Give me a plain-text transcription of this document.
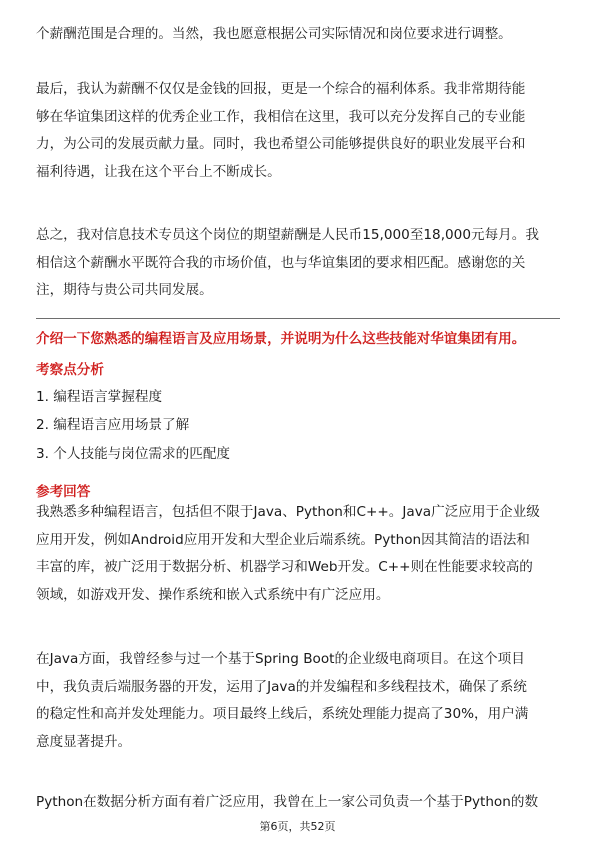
个薪酬范围是合理的。当然，我也愿意根据公司实际情况和岗位要求进行调整。
最后，我认为薪酬不仅仅是金钱的回报，更是一个综合的福利体系。我非常期待能
够在华谊集团这样的优秀企业工作，我相信在这里，我可以充分发挥自己的专业能
力，为公司的发展贡献力量。同时，我也希望公司能够提供良好的职业发展平台和
福利待遇，让我在这个平台上不断成长。
总之，我对信息技术专员这个岗位的期望薪酬是人民币15,000至18,000元每月。我
相信这个薪酬水平既符合我的市场价值，也与华谊集团的要求相匹配。感谢您的关
注，期待与贵公司共同发展。
介绍一下您熟悉的编程语言及应用场景，并说明为什么这些技能对华谊集团有用。
考察点分析
1. 编程语言掌握程度
2. 编程语言应用场景了解
3. 个人技能与岗位需求的匹配度
参考回答
我熟悉多种编程语言，包括但不限于Java、Python和C++。Java广泛应用于企业级
应用开发，例如Android应用开发和大型企业后端系统。Python因其简洁的语法和
丰富的库，被广泛用于数据分析、机器学习和Web开发。C++则在性能要求较高的
领域，如游戏开发、操作系统和嵌入式系统中有广泛应用。
在Java方面，我曾经参与过一个基于Spring Boot的企业级电商项目。在这个项目
中，我负责后端服务器的开发，运用了Java的并发编程和多线程技术，确保了系统
的稳定性和高并发处理能力。项目最终上线后，系统处理能力提高了30%，用户满
意度显著提升。
Python在数据分析方面有着广泛应用，我曾在上一家公司负责一个基于Python的数
第6页，共52页
